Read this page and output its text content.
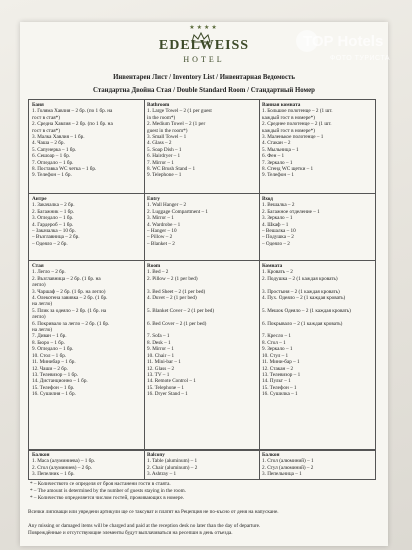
★★★★
EDELWEISS
HOTEL
Инвентарен Лист / Inventory List / Инвентарная Ведомость
Стандартна Двойна Стая / Double Standard Room / Стандартный Номер
Баня
1. Голяма Хавлия – 2 бр. (по 1 бр. на
гост в стая*)
2. Средна Хавлия – 2 бр. (по 1 бр. на
гост в стая*)
3. Малка Хавлия – 1 бр.
4. Чаша – 2 бр.
5. Сапунерка – 1 бр.
6. Сешоар – 1 бр.
7. Огледало – 1 бр.
8. Поставка WC четка – 1 бр.
9. Телефон – 1 бр.
Bathroom
1. Large Towel – 2 (1 per guest
in the room*)
2. Medium Towel – 2 (1 per
guest in the room*)
3. Small Towel – 1
4. Glass – 2
5. Soap Dish – 1
6. Hairdryer – 1
7. Mirror – 1
8. WC Brush Stand – 1
9. Telephone – 1
Ванная комната
1. Большое полотенце – 2 (1 шт.
каждый гост в номере*)
2. Среднее полотенце – 2 (1 шт.
каждый гост в номере*)
3. Маленькое полотенце – 1
4. Стакан – 2
5. Мыльница – 1
6. Фен – 1
7. Зеркало – 1
8. Стенд WC щетки – 1
9. Телефон – 1
Антре
1. Закачалка – 2 бр.
2. Багажник – 1 бр.
3. Огледало – 1 бр.
4. Гардероб – 1 бр.
– Закачалка – 10 бр.
– Възглавница – 2 бр.
– Одеяло – 2 бр.
Entry
1. Wall Hanger – 2
2. Luggage Compartment – 1
3. Mirror – 1
4. Wardrobe – 1
– Hanger – 10
– Pillow – 2
– Blanket – 2
Вход
1. Вешалка – 2
2. Багажное отделение – 1
3. Зеркало – 1
4. Шкаф – 1
– Вешалка – 10
– Подушка – 2
– Одеяло – 2
Стая
1. Легло – 2 бр.
2. Възглавница – 2 бр. (1 бр. на
легло)
3. Чаршаф – 2 бр. (1 бр. на легло)
4. Олекотена завивка – 2 бр. (1 бр.
на легло)
5. Плик за одеяло – 2 бр. (1 бр. на
легло)
6. Покривало за легло – 2 бр. (1 бр.
на легло)
7. Диван – 1 бр.
8. Бюро – 1 бр.
9. Огледало – 1 бр.
10. Стол – 1 бр.
11. Минибар – 1 бр.
12. Чаши – 2 бр.
13. Телевизор – 1 бр.
14. Дистанционно – 1 бр.
15. Телефон – 1 бр.
16. Сушилня – 1 бр.
Room
1. Bed – 2
2. Pillow – 2 (1 per bed)

3. Bed Sheet – 2 (1 per bed)
4. Duvet – 2 (1 per bed)

5. Blanket Cover – 2 (1 per bed)

6. Bed Cover – 2 (1 per bed)

7. Sofa – 1
8. Desk – 1
9. Mirror – 1
10. Chair – 1
11. Mini-bar – 1
12. Glass – 2
13. TV – 1
14. Remote Control – 1
15. Telephone – 1
16. Dryer Stand – 1
Комната
1. Кровать – 2
2. Подушка – 2 (1 каждая кровать)

3. Простыня – 2 (1 каждая кровать)
4. Пух. Одеяло – 2 (1 каждая кровать)

5. Мешок Одеяло – 2 (1 каждая кровать)

6. Покрывало – 2 (1 каждая кровать)

7. Кресло – 1
8. Стол – 1
9. Зеркало – 1
10. Стул – 1
11. Мини-бар – 1
12. Стакан – 2
13. Телевизор – 1
14. Пульт – 1
15. Телефон – 1
16. Сушилка – 1
Балкон
1. Маса (алуминиева) – 1 бр.
2. Стол (алуминиев) – 2 бр.
3. Пепелник – 1 бр.
Balcony
1. Table (aluminum) – 1
2. Chair (aluminum) – 2
3. Ashtray – 1
Балкон
1. Стол (алюминий) – 1
2. Стул (алюминий) – 2
3. Пепельница – 1
* – Количеството се определя от броя настанени гости в стаята.
* – The amount is determined by the number of guests staying in the room.
* – Количество определяется числом гостей, проживающих в номере.
Всички липсващи или увредени артикули ще се таксуват и платят на Рецепция не по-късно от деня на напускане.
Any missing or damaged items will be charged and paid at the reception desk no later than the day of departure.
Повреждённые и отсутствующие элементы будут выплачиваться на ресепшн в день отъезда.
TOP Hotels
ФОТО ТУРИСТА
